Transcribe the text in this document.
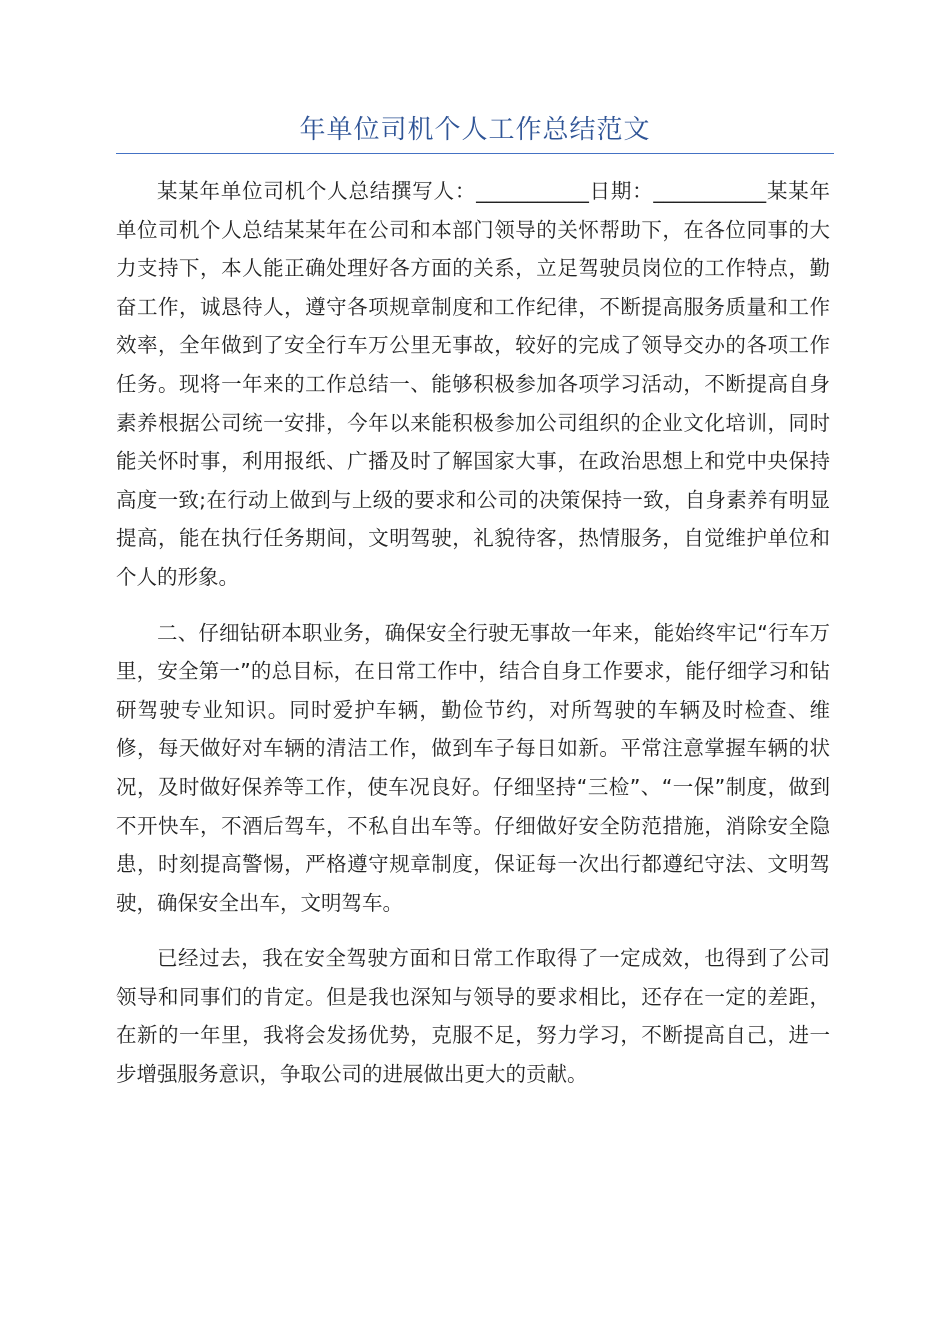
年单位司机个人工作总结范文

某某年单位司机个人总结撰写人：___________日期：___________某某年单位司机个人总结某某年在公司和本部门领导的关怀帮助下，在各位同事的大力支持下，本人能正确处理好各方面的关系，立足驾驶员岗位的工作特点，勤奋工作，诚恳待人，遵守各项规章制度和工作纪律，不断提高服务质量和工作效率，全年做到了安全行车万公里无事故，较好的完成了领导交办的各项工作任务。现将一年来的工作总结一、能够积极参加各项学习活动，不断提高自身素养根据公司统一安排，今年以来能积极参加公司组织的企业文化培训，同时能关怀时事，利用报纸、广播及时了解国家大事，在政治思想上和党中央保持高度一致;在行动上做到与上级的要求和公司的决策保持一致，自身素养有明显提高，能在执行任务期间，文明驾驶，礼貌待客，热情服务，自觉维护单位和个人的形象。

二、仔细钻研本职业务，确保安全行驶无事故一年来，能始终牢记“行车万里，安全第一”的总目标，在日常工作中，结合自身工作要求，能仔细学习和钻研驾驶专业知识。同时爱护车辆，勤俭节约，对所驾驶的车辆及时检查、维修，每天做好对车辆的清洁工作，做到车子每日如新。平常注意掌握车辆的状况，及时做好保养等工作，使车况良好。仔细坚持“三检”、“一保”制度，做到不开快车，不酒后驾车，不私自出车等。仔细做好安全防范措施，消除安全隐患，时刻提高警惕，严格遵守规章制度，保证每一次出行都遵纪守法、文明驾驶，确保安全出车，文明驾车。

已经过去，我在安全驾驶方面和日常工作取得了一定成效，也得到了公司领导和同事们的肯定。但是我也深知与领导的要求相比，还存在一定的差距，在新的一年里，我将会发扬优势，克服不足，努力学习，不断提高自己，进一步增强服务意识，争取公司的进展做出更大的贡献。
